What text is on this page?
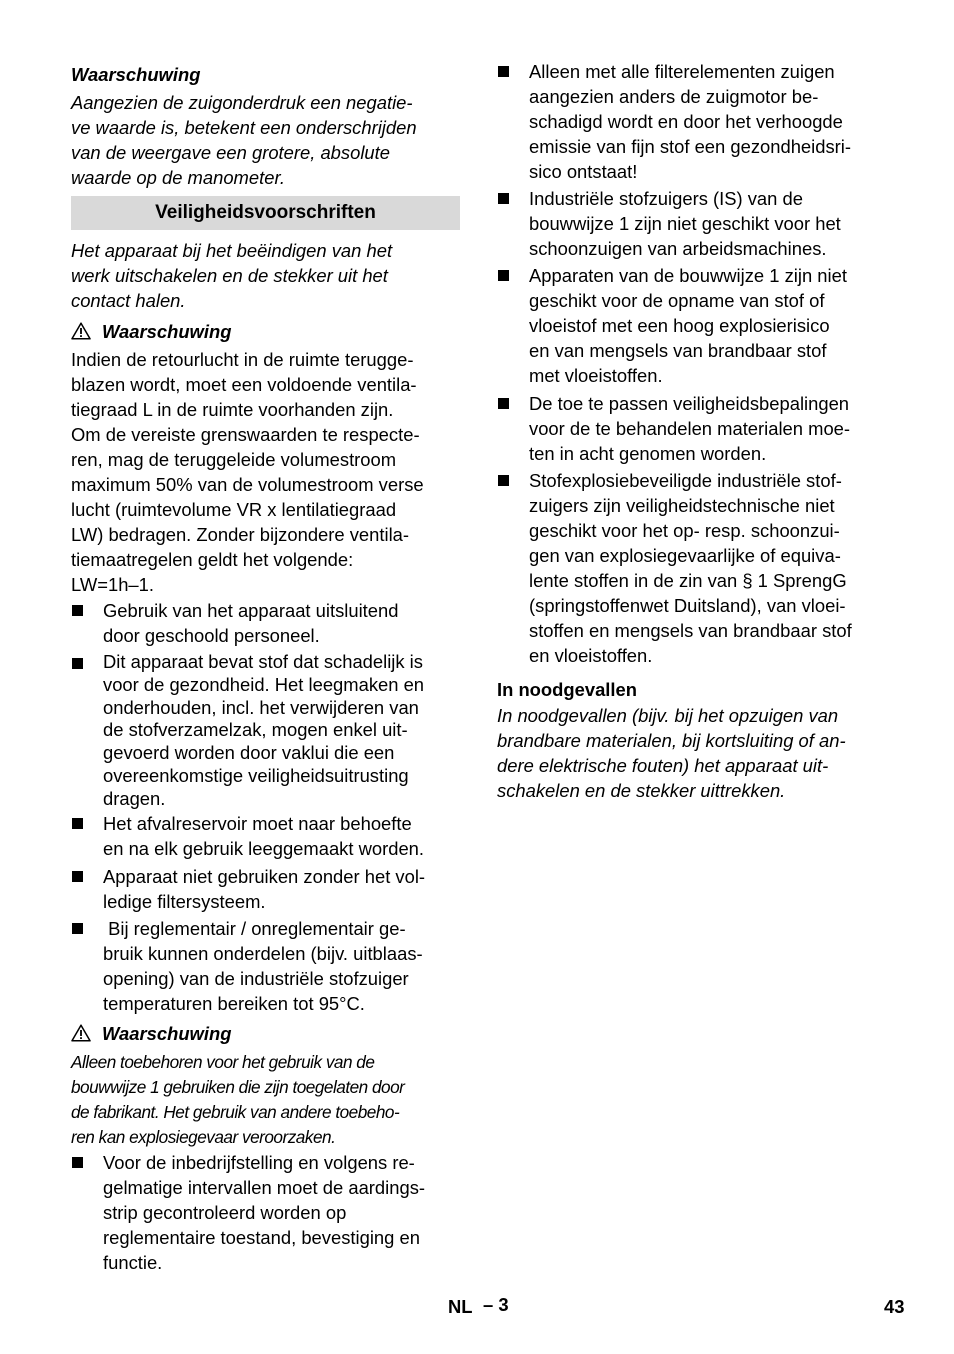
Waarschuwing

Aangezien de zuigonderdruk een negatie-
ve waarde is, betekent een onderschrijden
van de weergave een grotere, absolute
waarde op de manometer.

Veiligheidsvoorschriften

Het apparaat bij het beëindigen van het
werk uitschakelen en de stekker uit het
contact halen.

Waarschuwing

Indien de retourlucht in de ruimte terugge-
blazen wordt, moet een voldoende ventila-
tiegraad L in de ruimte voorhanden zijn.
Om de vereiste grenswaarden te respecte-
ren, mag de teruggeleide volumestroom
maximum 50% van de volumestroom verse
lucht (ruimtevolume VR x lentilatiegraad
LW) bedragen. Zonder bijzondere ventila-
tiemaatregelen geldt het volgende:
LW=1h–1.

Gebruik van het apparaat uitsluitend
door geschoold personeel.
Dit apparaat bevat stof dat schadelijk is
voor de gezondheid. Het leegmaken en
onderhouden, incl. het verwijderen van
de stofverzamelzak, mogen enkel uit-
gevoerd worden door vaklui die een
overeenkomstige veiligheidsuitrusting
dragen.
Het afvalreservoir moet naar behoefte
en na elk gebruik leeggemaakt worden.
Apparaat niet gebruiken zonder het vol-
ledige filtersysteem.
Bij reglementair / onreglementair ge-
bruik kunnen onderdelen (bijv. uitblaas-
opening) van de industriële stofzuiger
temperaturen bereiken tot 95°C.
Waarschuwing

Alleen toebehoren voor het gebruik van de
bouwwijze 1 gebruiken die zijn toegelaten door
de fabrikant. Het gebruik van andere toebeho-
ren kan explosiegevaar veroorzaken.

Voor de inbedrijfstelling en volgens re-
gelmatige intervallen moet de aardings-
strip gecontroleerd worden op
reglementaire toestand, bevestiging en
functie.
Alleen met alle filterelementen zuigen
aangezien anders de zuigmotor be-
schadigd wordt en door het verhoogde
emissie van fijn stof een gezondheidsri-
sico ontstaat!
Industriële stofzuigers (IS) van de
bouwwijze 1 zijn niet geschikt voor het
schoonzuigen van arbeidsmachines.
Apparaten van de bouwwijze 1 zijn niet
geschikt voor de opname van stof of
vloeistof met een hoog explosierisico
en van mengsels van brandbaar stof
met vloeistoffen.
De toe te passen veiligheidsbepalingen
voor de te behandelen materialen moe-
ten in acht genomen worden.
Stofexplosiebeveiligde industriële stof-
zuigers zijn veiligheidstechnische niet
geschikt voor het op- resp. schoonzui-
gen van explosiegevaarlijke of equiva-
lente stoffen in de zin van § 1 SprengG
(springstoffenwet Duitsland), van vloei-
stoffen en mengsels van brandbaar stof
en vloeistoffen.

In noodgevallen

In noodgevallen (bijv. bij het opzuigen van
brandbare materialen, bij kortsluiting of an-
dere elektrische fouten) het apparaat uit-
schakelen en de stekker uittrekken.

NL – 3	43
